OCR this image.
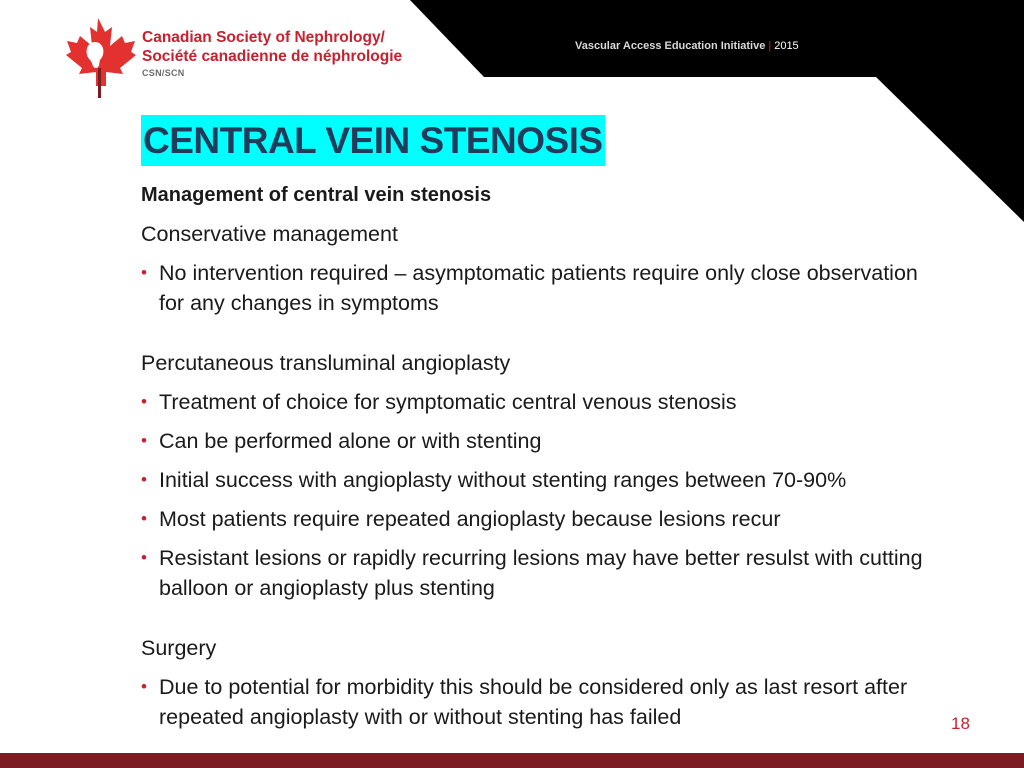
Canadian Society of Nephrology/
Société canadienne de néphrologie
CSN/SCN
Vascular Access Education Initiative | 2015
CENTRAL VEIN STENOSIS
Management of central vein stenosis
Conservative management
• No intervention required – asymptomatic patients require only close observation for any changes in symptoms
Percutaneous transluminal angioplasty
• Treatment of choice for symptomatic central venous stenosis
• Can be performed alone or with stenting
• Initial success with angioplasty without stenting ranges between 70-90%
• Most patients require repeated angioplasty because lesions recur
• Resistant lesions or rapidly recurring lesions may have better resulst with cutting balloon or angioplasty plus stenting
Surgery
• Due to potential for morbidity this should be considered only as last resort after repeated angioplasty with or without stenting has failed	18
